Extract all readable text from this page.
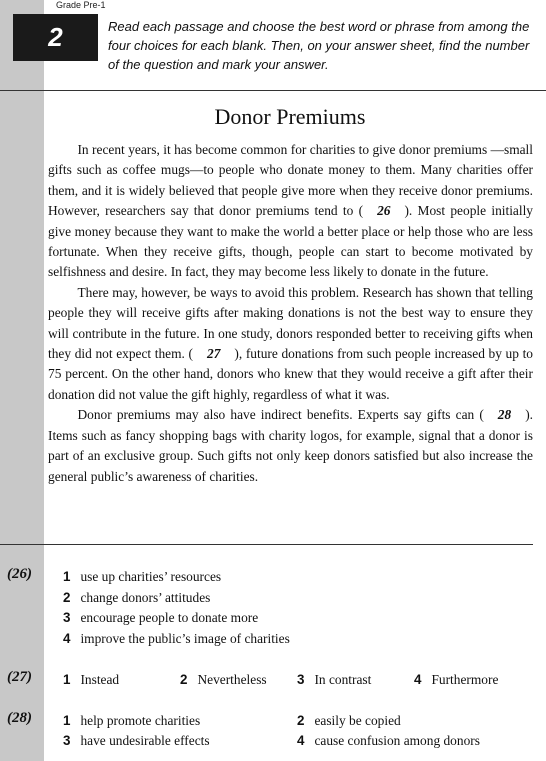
Grade Pre-1
2	Read each passage and choose the best word or phrase from among the four choices for each blank. Then, on your answer sheet, find the number of the question and mark your answer.
Donor Premiums

In recent years, it has become common for charities to give donor premiums —small gifts such as coffee mugs—to people who donate money to them. Many charities offer them, and it is widely believed that people give more when they receive donor premiums. However, researchers say that donor premiums tend to ( 26 ). Most people initially give money because they want to make the world a better place or help those who are less fortunate. When they receive gifts, though, people can start to become motivated by selfishness and desire. In fact, they may become less likely to donate in the future.

There may, however, be ways to avoid this problem. Research has shown that telling people they will receive gifts after making donations is not the best way to ensure they will contribute in the future. In one study, donors responded better to receiving gifts when they did not expect them. ( 27 ), future donations from such people increased by up to 75 percent. On the other hand, donors who knew that they would receive a gift after their donation did not value the gift highly, regardless of what it was.

Donor premiums may also have indirect benefits. Experts say gifts can ( 28 ). Items such as fancy shopping bags with charity logos, for example, signal that a donor is part of an exclusive group. Such gifts not only keep donors satisfied but also increase the general public’s awareness of charities.

(26) 1 use up charities’ resources
2 change donors’ attitudes
3 encourage people to donate more
4 improve the public’s image of charities
(27) 1 Instead	2 Nevertheless 3 In contrast	4 Furthermore
(28) 1 help promote charities	2 easily be copied
3 have undesirable effects	4 cause confusion among donors
